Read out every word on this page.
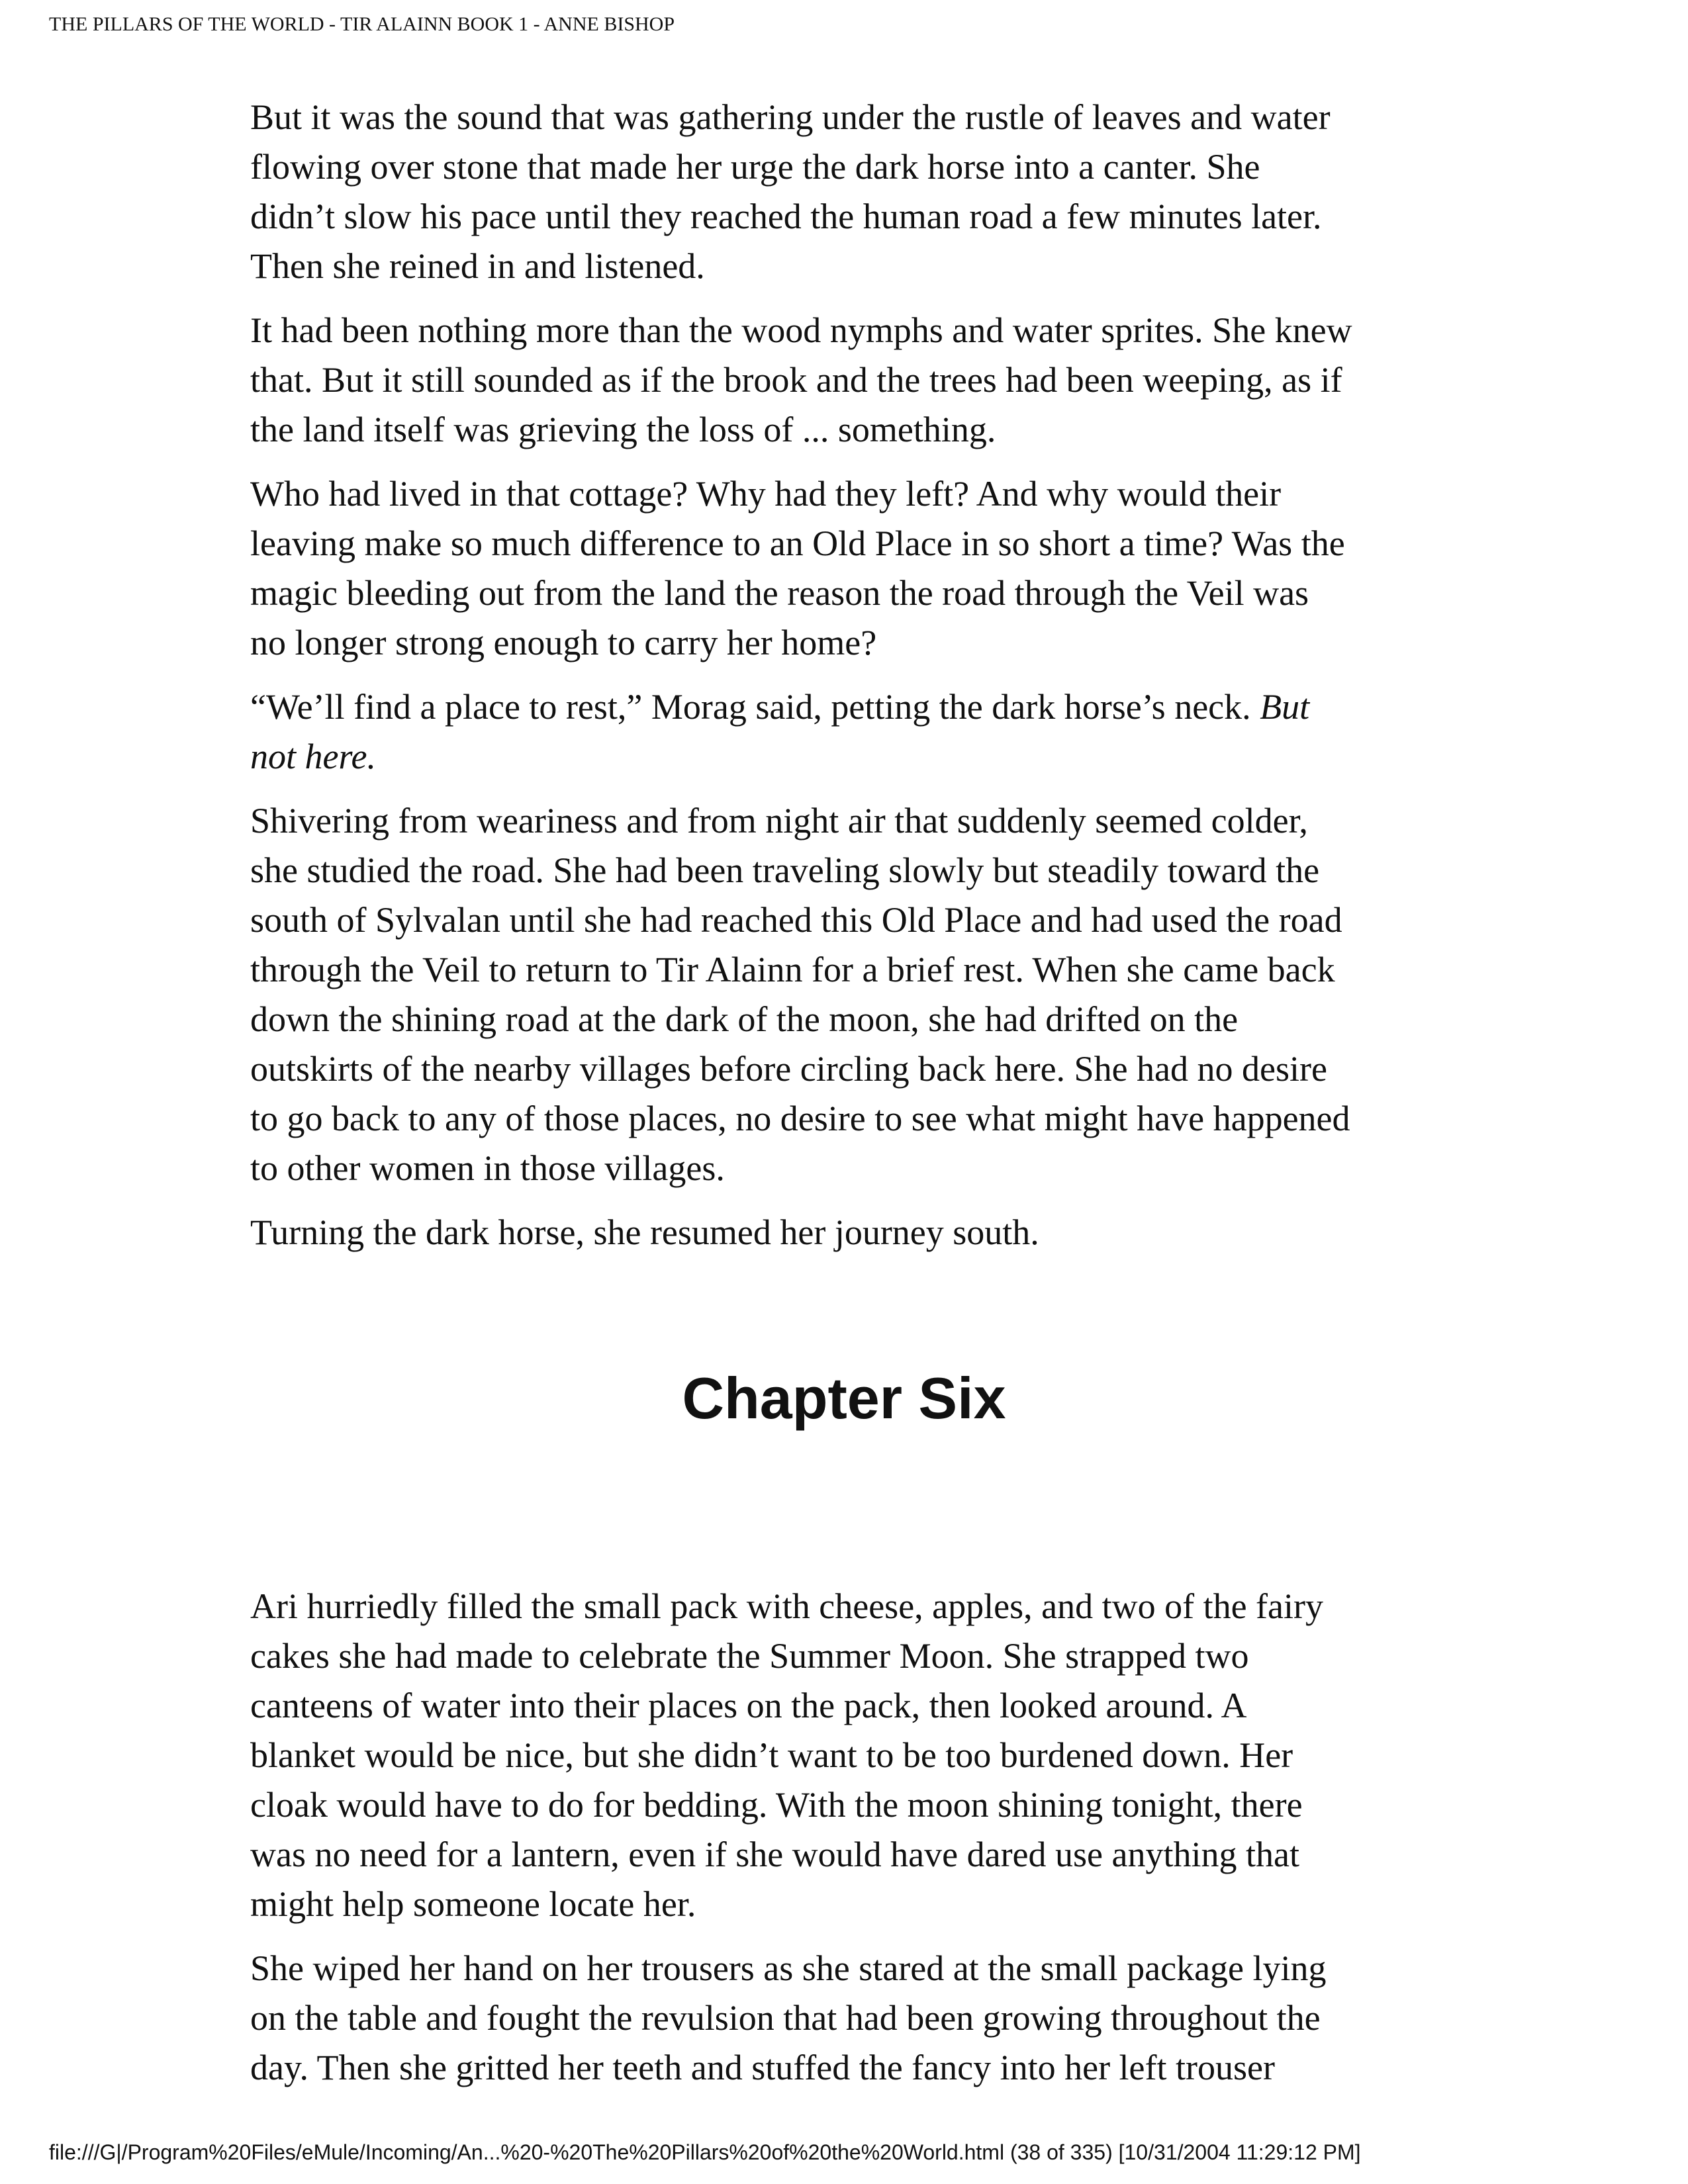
THE PILLARS OF THE WORLD - TIR ALAINN BOOK 1 - ANNE BISHOP

But it was the sound that was gathering under the rustle of leaves and water
flowing over stone that made her urge the dark horse into a canter. She
didn’t slow his pace until they reached the human road a few minutes later.
Then she reined in and listened.

It had been nothing more than the wood nymphs and water sprites. She knew
that. But it still sounded as if the brook and the trees had been weeping, as if
the land itself was grieving the loss of ... something.

Who had lived in that cottage? Why had they left? And why would their
leaving make so much difference to an Old Place in so short a time? Was the
magic bleeding out from the land the reason the road through the Veil was
no longer strong enough to carry her home?

“We’ll find a place to rest,” Morag said, petting the dark horse’s neck. But
not here.

Shivering from weariness and from night air that suddenly seemed colder,
she studied the road. She had been traveling slowly but steadily toward the
south of Sylvalan until she had reached this Old Place and had used the road
through the Veil to return to Tir Alainn for a brief rest. When she came back
down the shining road at the dark of the moon, she had drifted on the
outskirts of the nearby villages before circling back here. She had no desire
to go back to any of those places, no desire to see what might have happened
to other women in those villages.

Turning the dark horse, she resumed her journey south.

Chapter Six

Ari hurriedly filled the small pack with cheese, apples, and two of the fairy
cakes she had made to celebrate the Summer Moon. She strapped two
canteens of water into their places on the pack, then looked around. A
blanket would be nice, but she didn’t want to be too burdened down. Her
cloak would have to do for bedding. With the moon shining tonight, there
was no need for a lantern, even if she would have dared use anything that
might help someone locate her.

She wiped her hand on her trousers as she stared at the small package lying
on the table and fought the revulsion that had been growing throughout the
day. Then she gritted her teeth and stuffed the fancy into her left trouser

file:///G|/Program%20Files/eMule/Incoming/An...%20-%20The%20Pillars%20of%20the%20World.html (38 of 335) [10/31/2004 11:29:12 PM]
